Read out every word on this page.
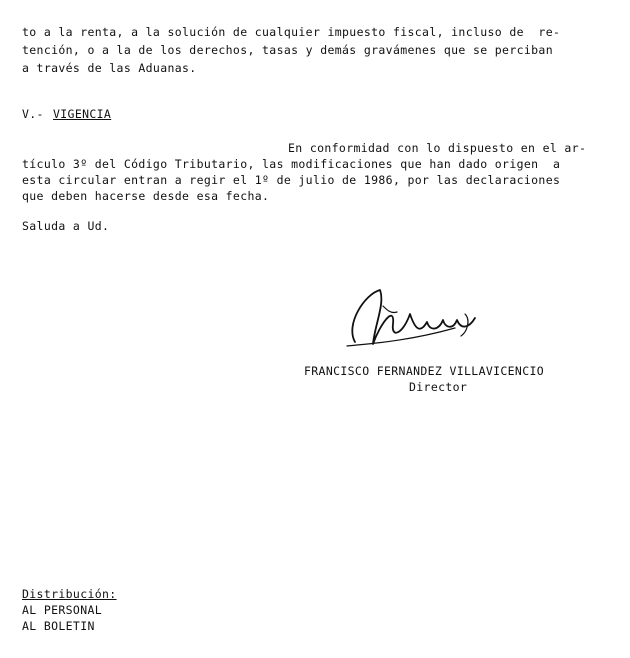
to a la renta, a la solución de cualquier impuesto fiscal, incluso de  re-
tención, o a la de los derechos, tasas y demás gravámenes que se perciban
a través de las Aduanas.
V.- VIGENCIA
En conformidad con lo dispuesto en el ar-
tículo 3º del Código Tributario, las modificaciones que han dado origen  a
esta circular entran a regir el 1º de julio de 1986, por las declaraciones
que deben hacerse desde esa fecha.
Saluda a Ud.
FRANCISCO FERNANDEZ VILLAVICENCIO
Director
Distribución:
AL PERSONAL
AL BOLETIN
